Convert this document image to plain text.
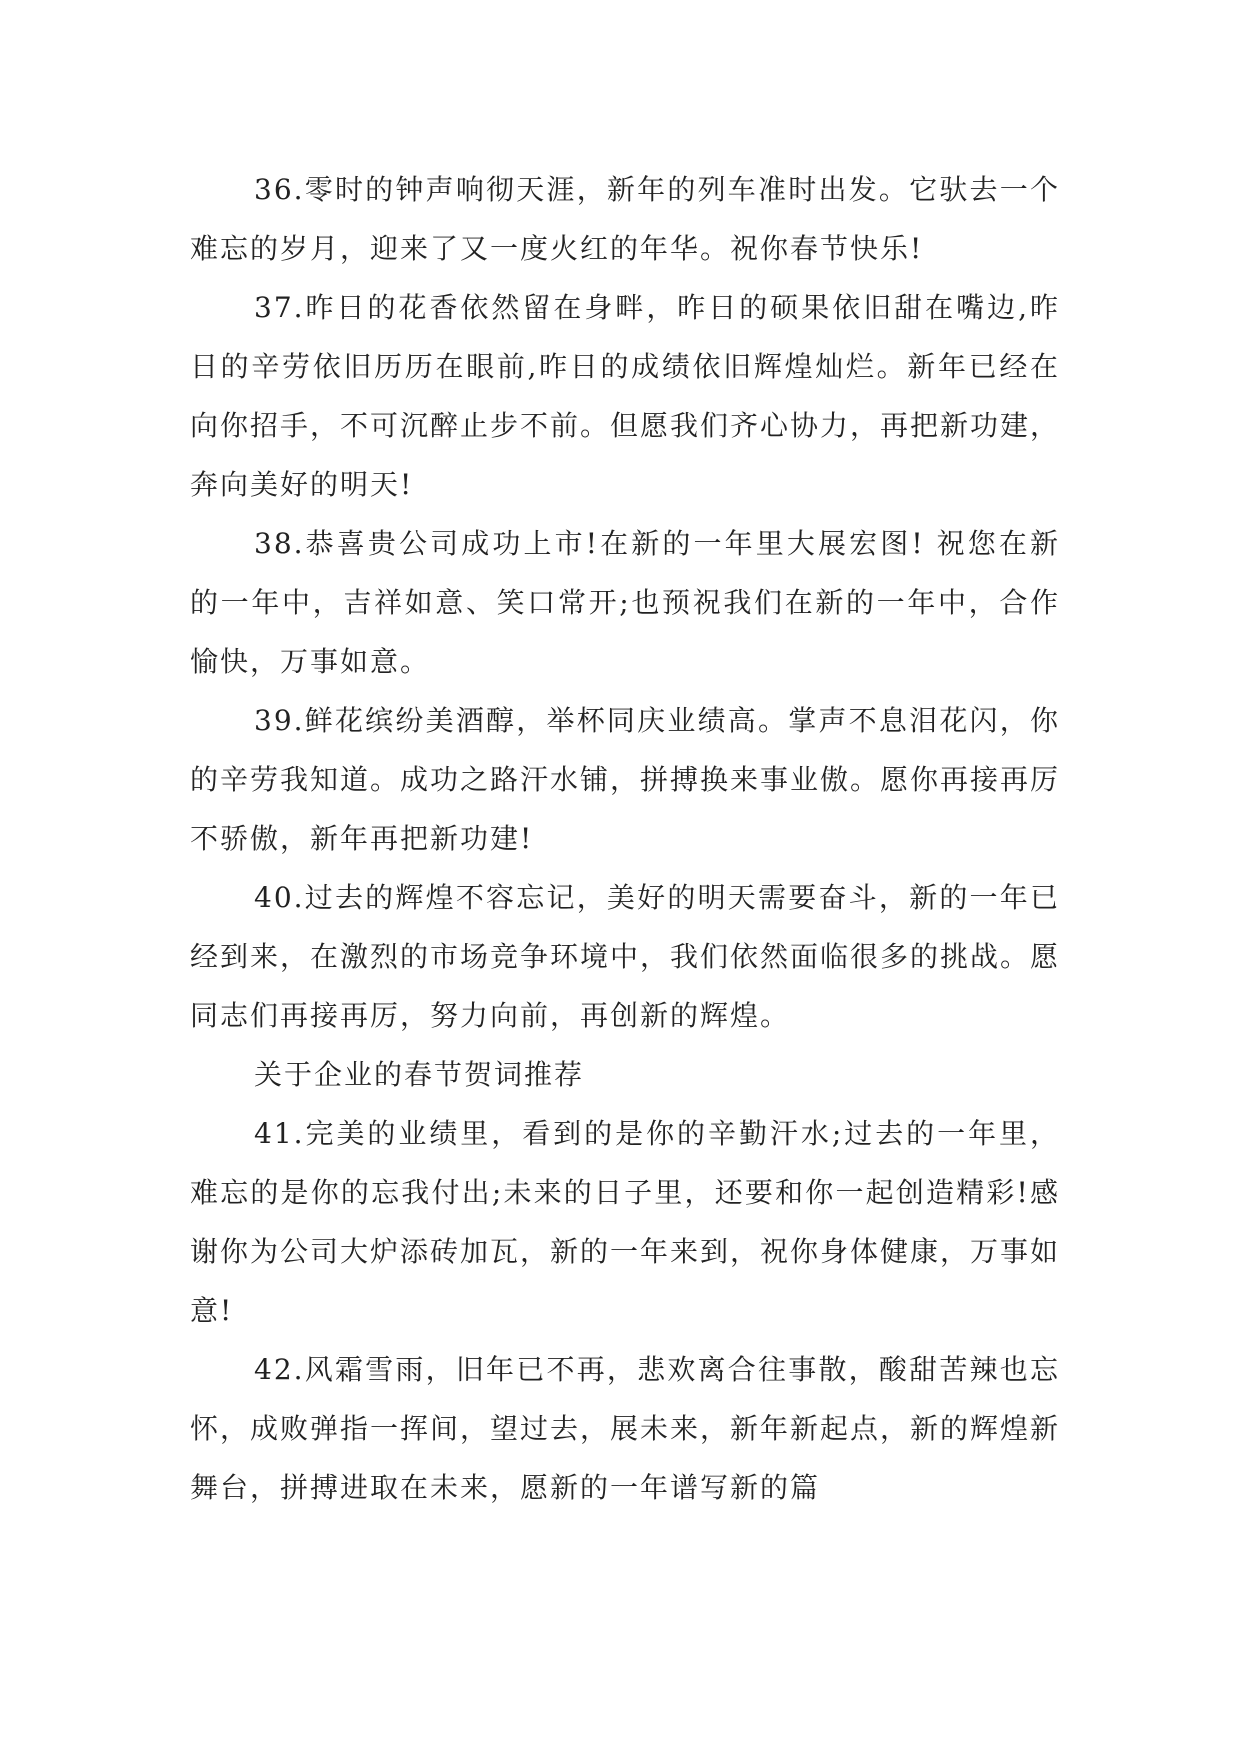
36.零时的钟声响彻天涯，新年的列车准时出发。它驮去一个难忘的岁月，迎来了又一度火红的年华。祝你春节快乐!

37.昨日的花香依然留在身畔，昨日的硕果依旧甜在嘴边,昨日的辛劳依旧历历在眼前,昨日的成绩依旧辉煌灿烂。新年已经在向你招手，不可沉醉止步不前。但愿我们齐心协力，再把新功建，奔向美好的明天!

38.恭喜贵公司成功上市!在新的一年里大展宏图! 祝您在新的一年中，吉祥如意、笑口常开;也预祝我们在新的一年中，合作愉快，万事如意。

39.鲜花缤纷美酒醇，举杯同庆业绩高。掌声不息泪花闪，你的辛劳我知道。成功之路汗水铺，拼搏换来事业傲。愿你再接再厉不骄傲，新年再把新功建!

40.过去的辉煌不容忘记，美好的明天需要奋斗，新的一年已经到来，在激烈的市场竞争环境中，我们依然面临很多的挑战。愿同志们再接再厉，努力向前，再创新的辉煌。

关于企业的春节贺词推荐

41.完美的业绩里，看到的是你的辛勤汗水;过去的一年里，难忘的是你的忘我付出;未来的日子里，还要和你一起创造精彩!感谢你为公司大炉添砖加瓦，新的一年来到，祝你身体健康，万事如意!

42.风霜雪雨，旧年已不再，悲欢离合往事散，酸甜苦辣也忘怀，成败弹指一挥间，望过去，展未来，新年新起点，新的辉煌新舞台，拼搏进取在未来，愿新的一年谱写新的篇
